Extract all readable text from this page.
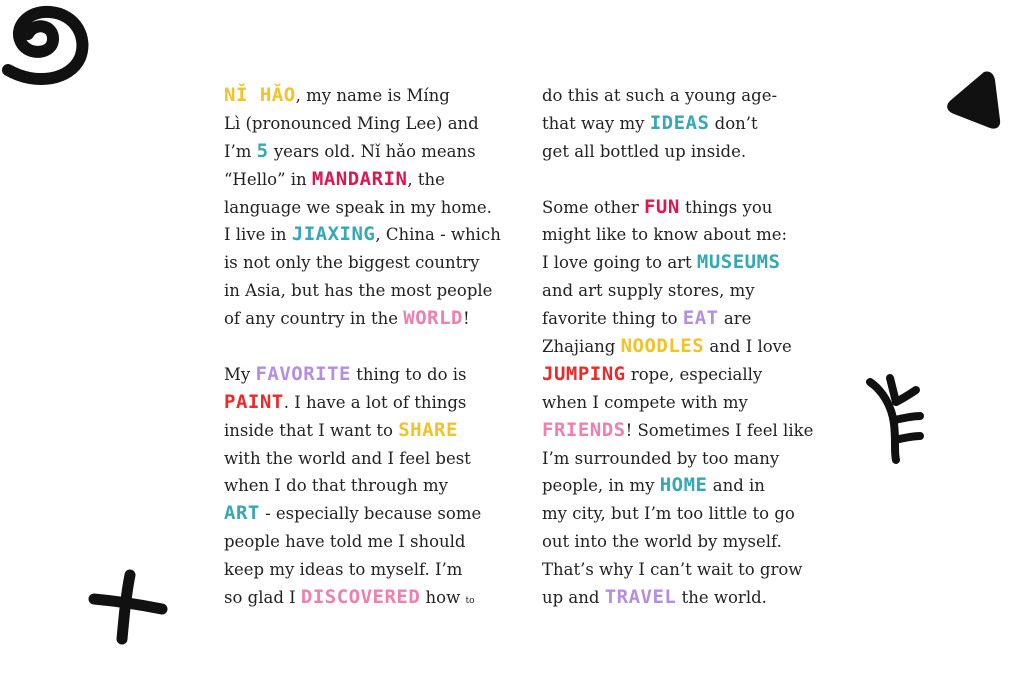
NǏ HǍO, my name is Míng
Lì (pronounced Ming Lee) and
I’m 5 years old. Nǐ hǎo means
“Hello” in MANDARIN, the
language we speak in my home.
I live in JIAXING, China - which
is not only the biggest country
in Asia, but has the most people
of any country in the WORLD!
My FAVORITE thing to do is
PAINT. I have a lot of things
inside that I want to SHARE
with the world and I feel best
when I do that through my
ART - especially because some
people have told me I should
keep my ideas to myself. I’m
so glad I DISCOVERED how to
do this at such a young age-
that way my IDEAS don’t
get all bottled up inside.
Some other FUN things you
might like to know about me:
I love going to art MUSEUMS
and art supply stores, my
favorite thing to EAT are
Zhajiang NOODLES and I love
JUMPING rope, especially
when I compete with my
FRIENDS! Sometimes I feel like
I’m surrounded by too many
people, in my HOME and in
my city, but I’m too little to go
out into the world by myself.
That’s why I can’t wait to grow
up and TRAVEL the world.
